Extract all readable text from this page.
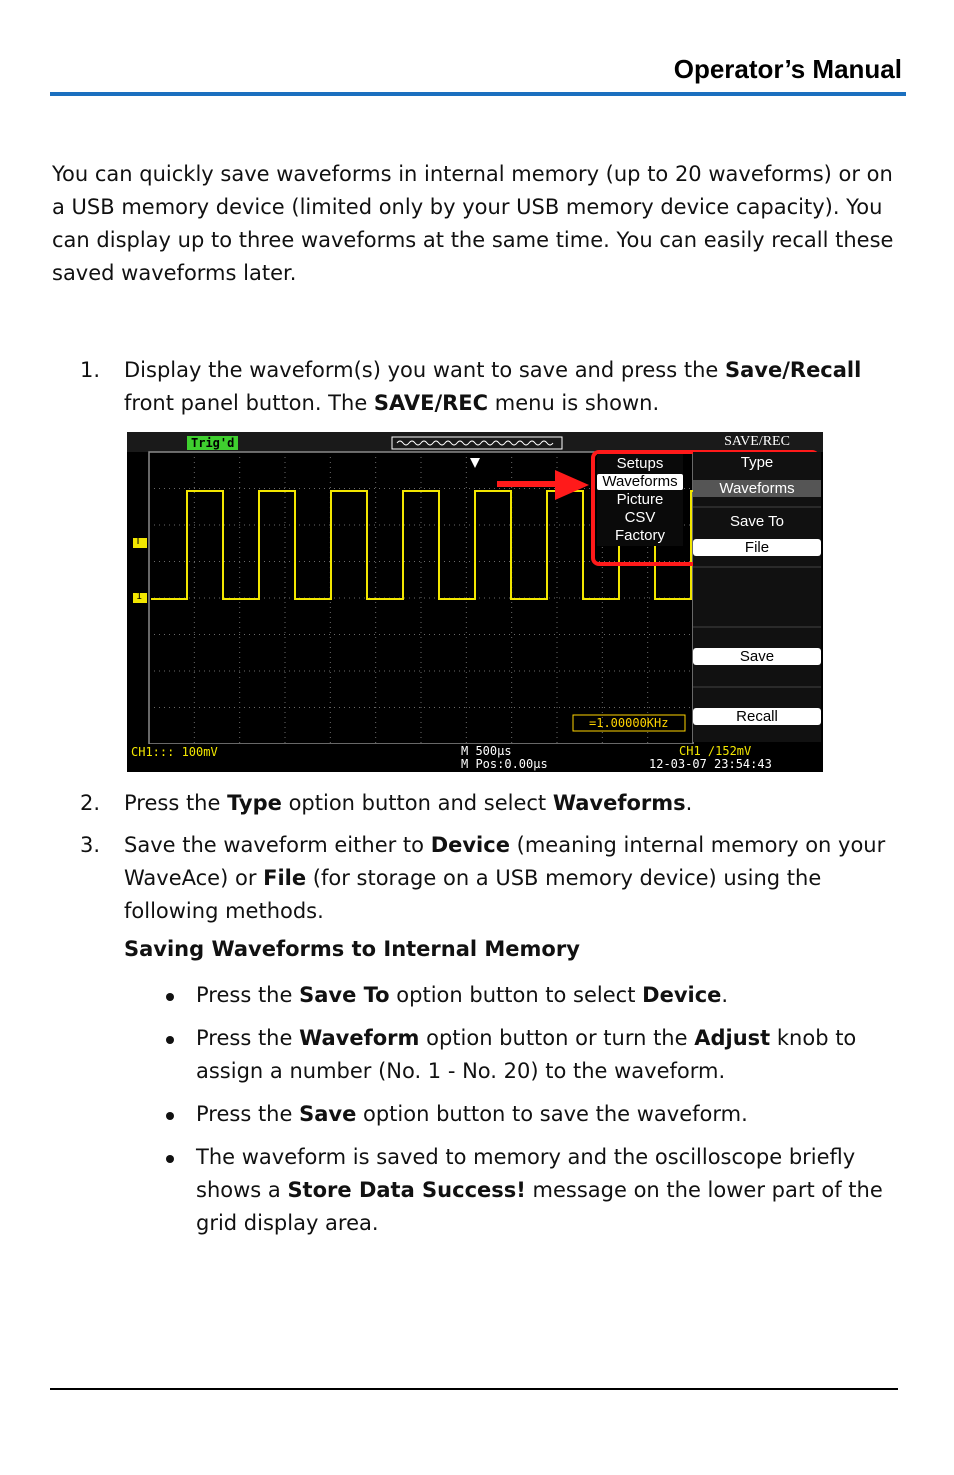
Operator’s Manual
You can quickly save waveforms in internal memory (up to 20 waveforms) or on a USB memory device (limited only by your USB memory device capacity). You can display up to three waveforms at the same time. You can easily recall these saved waveforms later.
1. Display the waveform(s) you want to save and press the Save/Recall front panel button. The SAVE/REC menu is shown.
Trig'd
T
1
SAVE/REC
Type
Waveforms
Save To
File
Save
Recall
Setups
Waveforms
Picture
CSV
Factory
=1.00000KHz
CH1::: 100mV	M 500µs
M Pos:0.00µs
CH1 ∕152mV
12-03-07 23:54:43
2. Press the Type option button and select Waveforms.
3. Save the waveform either to Device (meaning internal memory on your WaveAce) or File (for storage on a USB memory device) using the following methods.
Saving Waveforms to Internal Memory
Press the Save To option button to select Device.
Press the Waveform option button or turn the Adjust knob to assign a number (No. 1 - No. 20) to the waveform.
Press the Save option button to save the waveform.
The waveform is saved to memory and the oscilloscope briefly shows a Store Data Success! message on the lower part of the grid display area.
